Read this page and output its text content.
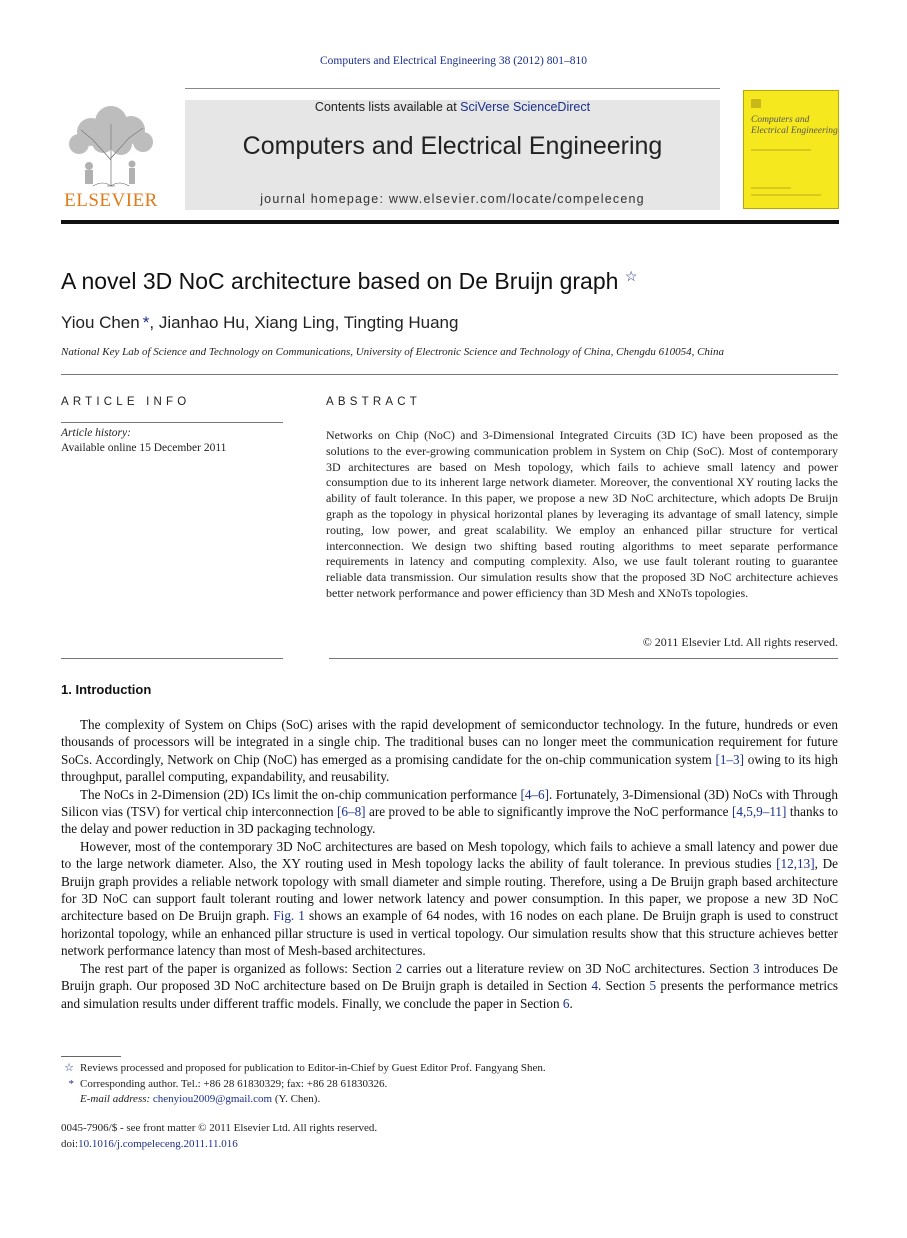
Computers and Electrical Engineering 38 (2012) 801–810
ELSEVIER
Contents lists available at SciVerse ScienceDirect
Computers and Electrical Engineering
journal homepage: www.elsevier.com/locate/compeleceng
Computers and
Electrical Engineering
A novel 3D NoC architecture based on De Bruijn graph ☆
Yiou Chen *, Jianhao Hu, Xiang Ling, Tingting Huang
National Key Lab of Science and Technology on Communications, University of Electronic Science and Technology of China, Chengdu 610054, China
ARTICLE INFO
Article history:
Available online 15 December 2011
ABSTRACT
Networks on Chip (NoC) and 3-Dimensional Integrated Circuits (3D IC) have been proposed as the solutions to the ever-growing communication problem in System on Chip (SoC). Most of contemporary 3D architectures are based on Mesh topology, which fails to achieve small latency and power consumption due to its inherent large network diameter. Moreover, the conventional XY routing lacks the ability of fault tolerance. In this paper, we propose a new 3D NoC architecture, which adopts De Bruijn graph as the topology in physical horizontal planes by leveraging its advantage of small latency, simple routing, low power, and great scalability. We employ an enhanced pillar structure for vertical interconnection. We design two shifting based routing algorithms to meet separate performance requirements in latency and computing complexity. Also, we use fault tolerant routing to guarantee reliable data transmission. Our simulation results show that the proposed 3D NoC architecture achieves better network performance and power efficiency than 3D Mesh and XNoTs topologies.
© 2011 Elsevier Ltd. All rights reserved.
1. Introduction

The complexity of System on Chips (SoC) arises with the rapid development of semiconductor technology. In the future, hundreds or even thousands of processors will be integrated in a single chip. The traditional buses can no longer meet the communication requirement for future SoCs. Accordingly, Network on Chip (NoC) has emerged as a promising candidate for the on-chip communication system [1–3] owing to its high throughput, parallel computing, expandability, and reusability.

The NoCs in 2-Dimension (2D) ICs limit the on-chip communication performance [4–6]. Fortunately, 3-Dimensional (3D) NoCs with Through Silicon vias (TSV) for vertical chip interconnection [6–8] are proved to be able to significantly improve the NoC performance [4,5,9–11] thanks to the delay and power reduction in 3D packaging technology.

However, most of the contemporary 3D NoC architectures are based on Mesh topology, which fails to achieve a small latency and power due to the large network diameter. Also, the XY routing used in Mesh topology lacks the ability of fault tolerance. In previous studies [12,13], De Bruijn graph provides a reliable network topology with small diameter and simple routing. Therefore, using a De Bruijn graph based architecture for 3D NoC can support fault tolerant routing and lower network latency and power consumption. In this paper, we propose a new 3D NoC architecture based on De Bruijn graph. Fig. 1 shows an example of 64 nodes, with 16 nodes on each plane. De Bruijn graph is used to construct horizontal topology, while an enhanced pillar structure is used in vertical topology. Our simulation results show that this structure achieves better network performance latency than most of Mesh-based architectures.

The rest part of the paper is organized as follows: Section 2 carries out a literature review on 3D NoC architectures. Section 3 introduces De Bruijn graph. Our proposed 3D NoC architecture based on De Bruijn graph is detailed in Section 4. Section 5 presents the performance metrics and simulation results under different traffic models. Finally, we conclude the paper in Section 6.

☆ Reviews processed and proposed for publication to Editor-in-Chief by Guest Editor Prof. Fangyang Shen.
* Corresponding author. Tel.: +86 28 61830329; fax: +86 28 61830326.
E-mail address: chenyiou2009@gmail.com (Y. Chen).
0045-7906/$ - see front matter © 2011 Elsevier Ltd. All rights reserved.
doi:10.1016/j.compeleceng.2011.11.016
